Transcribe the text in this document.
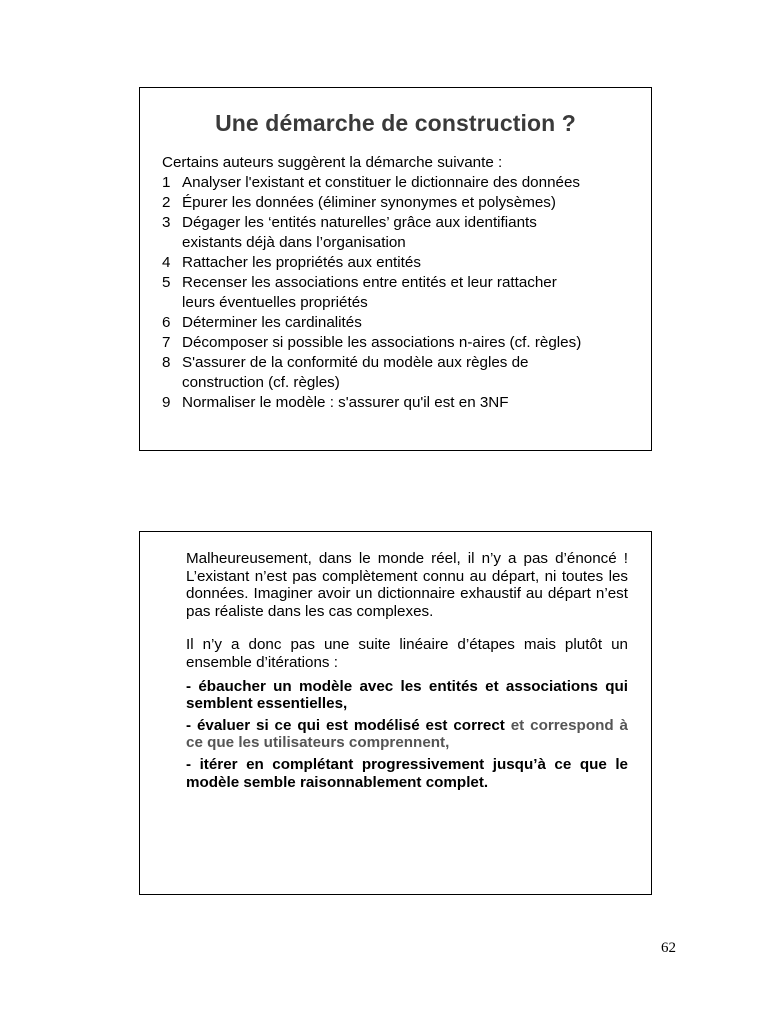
Une démarche de construction ?
Certains auteurs suggèrent la démarche suivante :
1 Analyser l'existant et constituer le dictionnaire des données
2 Épurer les données (éliminer synonymes et polysèmes)
3 Dégager les ‘entités naturelles’ grâce aux identifiants
existants déjà dans l’organisation
4 Rattacher les propriétés aux entités
5 Recenser les associations entre entités et leur rattacher
leurs éventuelles propriétés
6 Déterminer les cardinalités
7 Décomposer si possible les associations n-aires (cf. règles)
8 S'assurer de la conformité du modèle aux règles de
construction (cf. règles)
9 Normaliser le modèle : s'assurer qu'il est en 3NF

Malheureusement, dans le monde réel, il n’y a pas d’énoncé ! L’existant n’est pas complètement connu au départ, ni toutes les données. Imaginer avoir un dictionnaire exhaustif au départ n’est pas réaliste dans les cas complexes.

Il n’y a donc pas une suite linéaire d’étapes mais plutôt un ensemble d’itérations :

- ébaucher un modèle avec les entités et associations qui semblent essentielles,

- évaluer si ce qui est modélisé est correct et correspond à ce que les utilisateurs comprennent,

- itérer en complétant progressivement jusqu’à ce que le modèle semble raisonnablement complet.

62
